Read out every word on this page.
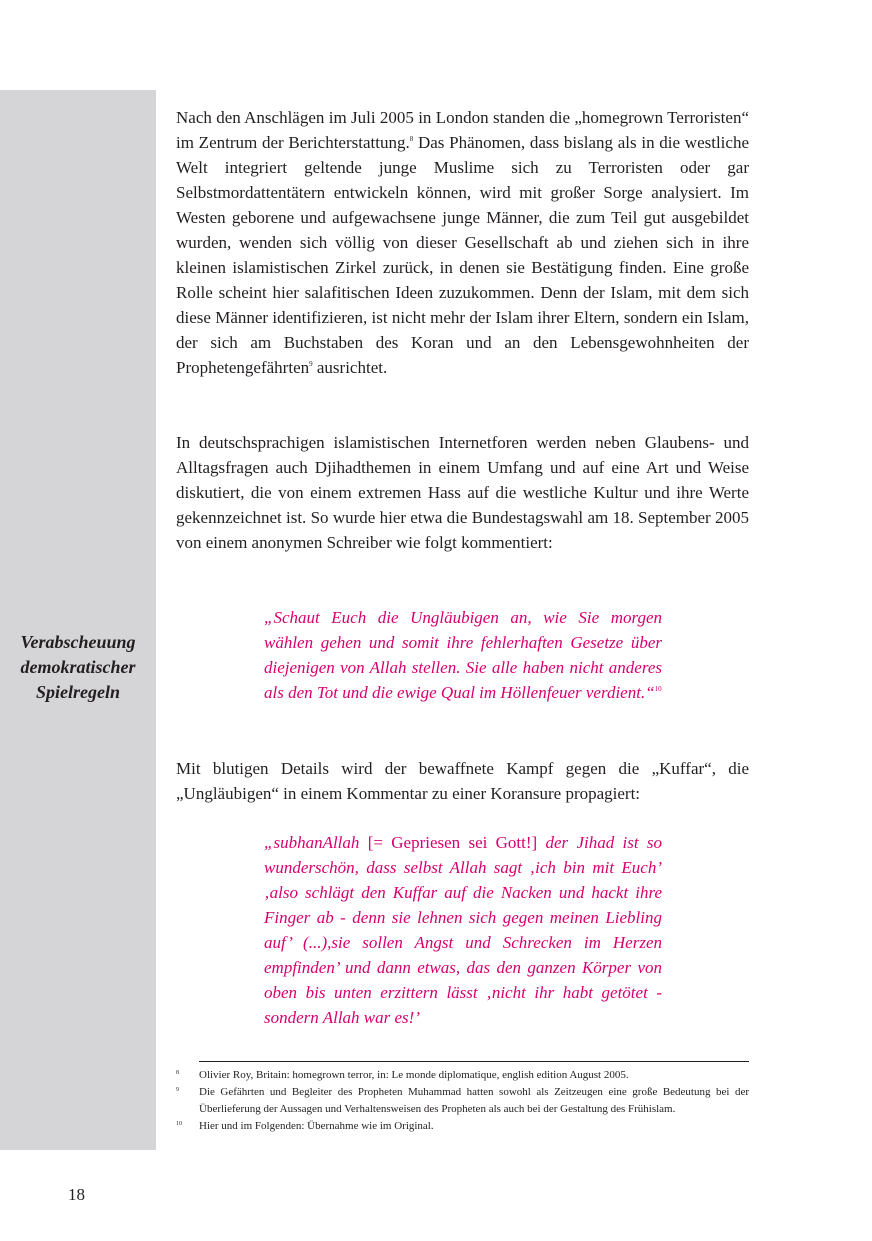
Verabscheuung
demokratischer
Spielregeln

Nach den Anschlägen im Juli 2005 in London standen die „homegrown Terroristen“ im Zentrum der Berichterstattung.$^8$ Das Phänomen, dass bislang als in die westliche Welt integriert geltende junge Muslime sich zu Terroristen oder gar Selbstmordattentätern entwickeln können, wird mit großer Sorge analysiert. Im Westen geborene und aufgewachsene junge Männer, die zum Teil gut ausgebildet wurden, wenden sich völlig von dieser Gesellschaft ab und ziehen sich in ihre kleinen islamistischen Zirkel zurück, in denen sie Bestätigung finden. Eine große Rolle scheint hier salafitischen Ideen zuzukommen. Denn der Islam, mit dem sich diese Männer identifizieren, ist nicht mehr der Islam ihrer Eltern, sondern ein Islam, der sich am Buchstaben des Koran und an den Lebensgewohnheiten der Prophetengefährten$^9$ ausrichtet.

In deutschsprachigen islamistischen Internetforen werden neben Glaubens- und Alltagsfragen auch Djihadthemen in einem Umfang und auf eine Art und Weise diskutiert, die von einem extremen Hass auf die westliche Kultur und ihre Werte gekennzeichnet ist. So wurde hier etwa die Bundestagswahl am 18. September 2005 von einem anonymen Schreiber wie folgt kommentiert:

„Schaut Euch die Ungläubigen an, wie Sie morgen wählen gehen und somit ihre fehlerhaften Gesetze über diejenigen von Allah stellen. Sie alle haben nicht anderes als den Tot und die ewige Qual im Höllenfeuer verdient.“$^{10}$

Mit blutigen Details wird der bewaffnete Kampf gegen die „Kuffar“, die „Ungläubigen“ in einem Kommentar zu einer Koransure propagiert:

„subhanAllah [= Gepriesen sei Gott!] der Jihad ist so wunderschön, dass selbst Allah sagt ‚ich bin mit Euch’ ‚also schlägt den Kuffar auf die Nacken und hackt ihre Finger ab - denn sie lehnen sich gegen meinen Liebling auf’ (...),sie sollen Angst und Schrecken im Herzen empfinden’ und dann etwas, das den ganzen Körper von oben bis unten erzittern lässt ‚nicht ihr habt getötet - sondern Allah war es!’

8 Olivier Roy, Britain: homegrown terror, in: Le monde diplomatique, english edition August 2005.
9 Die Gefährten und Begleiter des Propheten Muhammad hatten sowohl als Zeitzeugen eine große Bedeutung bei der Überlieferung der Aussagen und Verhaltensweisen des Propheten als auch bei der Gestaltung des Frühislam.
10 Hier und im Folgenden: Übernahme wie im Original.
18
